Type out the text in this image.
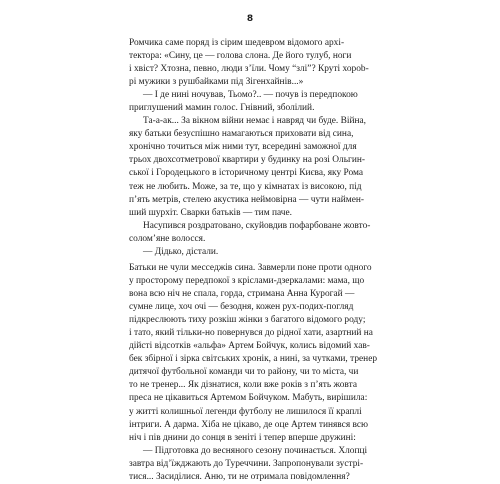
8
Ромчика саме поряд із сірим шедевром відомого архі-
тектора: «Сину, це — голова слона. Де його тулуб, ноги
і хвіст? Хтозна, певно, люди з’їли. Чому “злі”? Круті хорob-
рі мужики з рушбайками під Зігенхайнів...»
— І де нині ночував, Тьомо?.. — почув із передпокою
приглушений мамин голос. Гнівний, зболілий.
Та-а-ак... За вікном війни немає і навряд чи буде. Війна,
яку батьки безуспішно намагаються приховати від сина,
хронічно точиться між ними тут, всередині заможної для
трьох двохсотметрової квартири у будинку на розі Ольгин-
ської і Городецького в історичному центрі Києва, яку Рома
теж не любить. Може, за те, що у кімнатах із високою, під
п’ять метрів, стелею акустика неймовірна — чути наймен-
ший шурхіт. Сварки батьків — тим паче.
Насупився роздратовано, скуйовдив пофарбоване жовто-
солом’яне волосся.
— Дідько, дістали.
Батьки не чули месседжів сина. Завмерли поне проти одного
у просторому передпокої з кріслами-дзеркалами: мама, що
вона всю ніч не спала, горда, стримана Анна Курогай —
сумне лице, хоч очі — безодня, кожен рух-подих-погляд
підкреслюють тиху розкіш жінки з багатого відомого роду;
і тато, який тільки-но повернувся до рідної хати, азартний на
дійсті відсотків «альфа» Артем Бойчук, колись відомий хав-
бек збірної і зірка світських хронік, а нині, за чутками, тренер
дитячої футбольної команди чи то району, чи то міста, чи
то не тренер... Як дізнатися, коли вже років з п’ять жовта
преса не цікавиться Артемом Бойчуком. Мабуть, вирішила:
у житті колишньої легенди футболу не лишилося її краплі
інтриги. А дарма. Хіба не цікаво, де оце Артем тинявся всю
ніч і пів днини до сонця в зеніті і тепер вперше дружині:
— Підготовка до весняного сезону починається. Хлопці
завтра від’їжджають до Туреччини. Запропонували зустрі-
тися... Засиділися. Аню, ти не отримала повідомлення?
